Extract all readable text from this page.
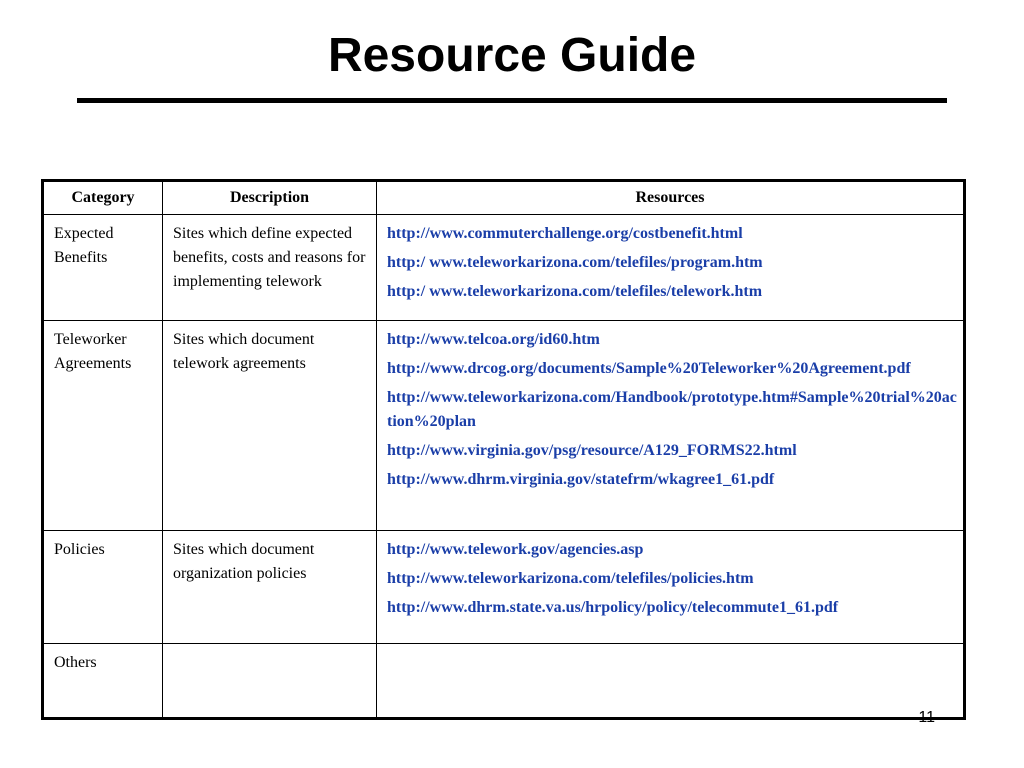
Resource Guide
Category	Description	Resources
Expected Benefits	Sites which define expected benefits, costs and reasons for implementing telework	http://www.commuterchallenge.org/costbenefit.html
http:/ www.teleworkarizona.com/telefiles/program.htm
http:/ www.teleworkarizona.com/telefiles/telework.htm

Teleworker Agreements	Sites which document telework agreements	http://www.telcoa.org/id60.htm
http://www.drcog.org/documents/Sample%20Teleworker%20Agreement.pdf
http://www.teleworkarizona.com/Handbook/prototype.htm#Sample%20trial%20action%20plan
http://www.virginia.gov/psg/resource/A129_FORMS22.html
http://www.dhrm.virginia.gov/statefrm/wkagree1_61.pdf

Policies	Sites which document organization policies	http://www.telework.gov/agencies.asp
http://www.teleworkarizona.com/telefiles/policies.htm
http://www.dhrm.state.va.us/hrpolicy/policy/telecommute1_61.pdf

Others		
11
